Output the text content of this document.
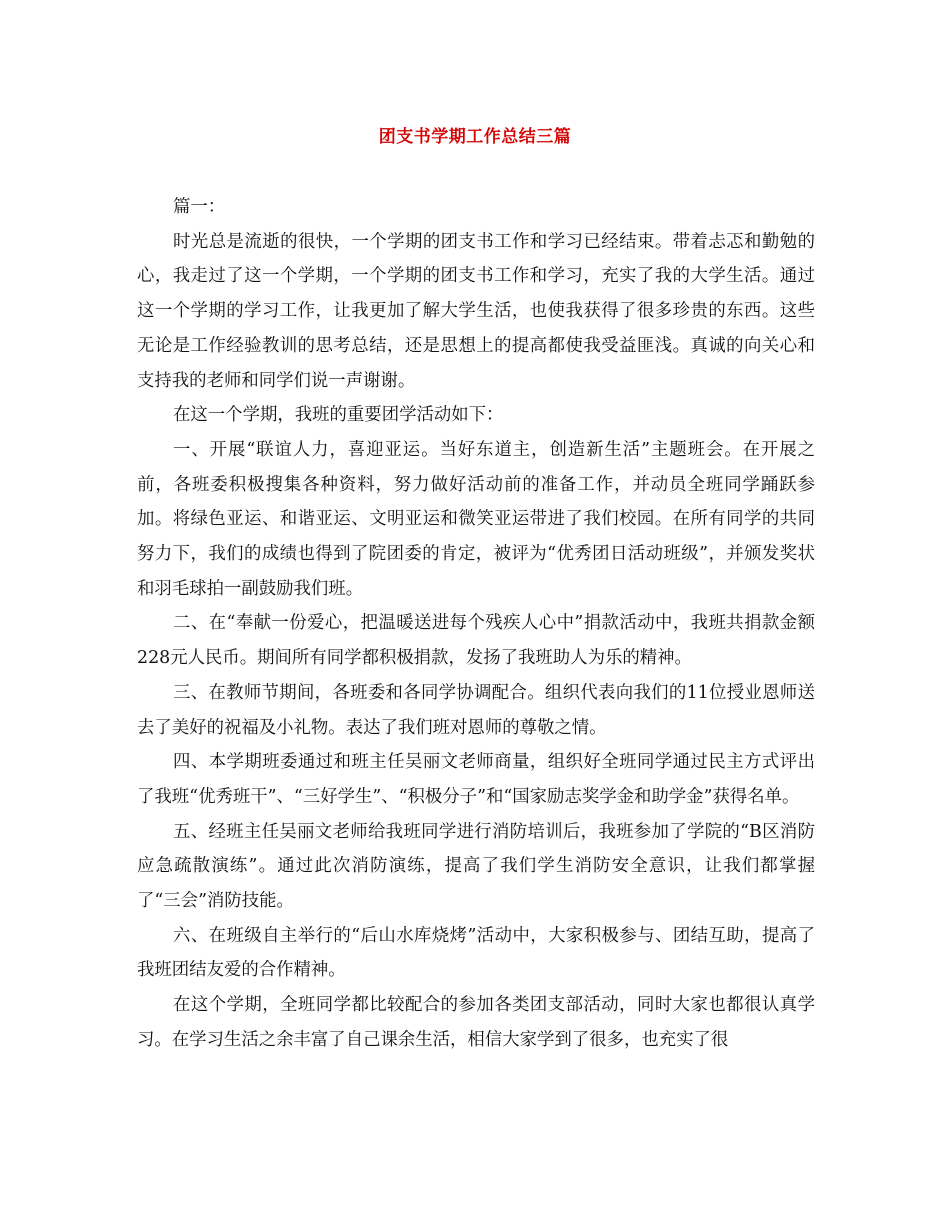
团支书学期工作总结三篇

篇一：

时光总是流逝的很快，一个学期的团支书工作和学习已经结束。带着忐忑和勤勉的心，我走过了这一个学期，一个学期的团支书工作和学习，充实了我的大学生活。通过这一个学期的学习工作，让我更加了解大学生活，也使我获得了很多珍贵的东西。这些无论是工作经验教训的思考总结，还是思想上的提高都使我受益匪浅。真诚的向关心和支持我的老师和同学们说一声谢谢。

在这一个学期，我班的重要团学活动如下：

一、开展“联谊人力，喜迎亚运。当好东道主，创造新生活”主题班会。在开展之前，各班委积极搜集各种资料，努力做好活动前的准备工作，并动员全班同学踊跃参加。将绿色亚运、和谐亚运、文明亚运和微笑亚运带进了我们校园。在所有同学的共同努力下，我们的成绩也得到了院团委的肯定，被评为“优秀团日活动班级”，并颁发奖状和羽毛球拍一副鼓励我们班。

二、在“奉献一份爱心，把温暖送进每个残疾人心中”捐款活动中，我班共捐款金额228元人民币。期间所有同学都积极捐款，发扬了我班助人为乐的精神。

三、在教师节期间，各班委和各同学协调配合。组织代表向我们的11位授业恩师送去了美好的祝福及小礼物。表达了我们班对恩师的尊敬之情。

四、本学期班委通过和班主任吴丽文老师商量，组织好全班同学通过民主方式评出了我班“优秀班干”、“三好学生”、“积极分子”和“国家励志奖学金和助学金”获得名单。

五、经班主任吴丽文老师给我班同学进行消防培训后，我班参加了学院的“B区消防应急疏散演练”。通过此次消防演练，提高了我们学生消防安全意识，让我们都掌握了“三会”消防技能。

六、在班级自主举行的“后山水库烧烤”活动中，大家积极参与、团结互助，提高了我班团结友爱的合作精神。

在这个学期，全班同学都比较配合的参加各类团支部活动，同时大家也都很认真学习。在学习生活之余丰富了自己课余生活，相信大家学到了很多，也充实了很
